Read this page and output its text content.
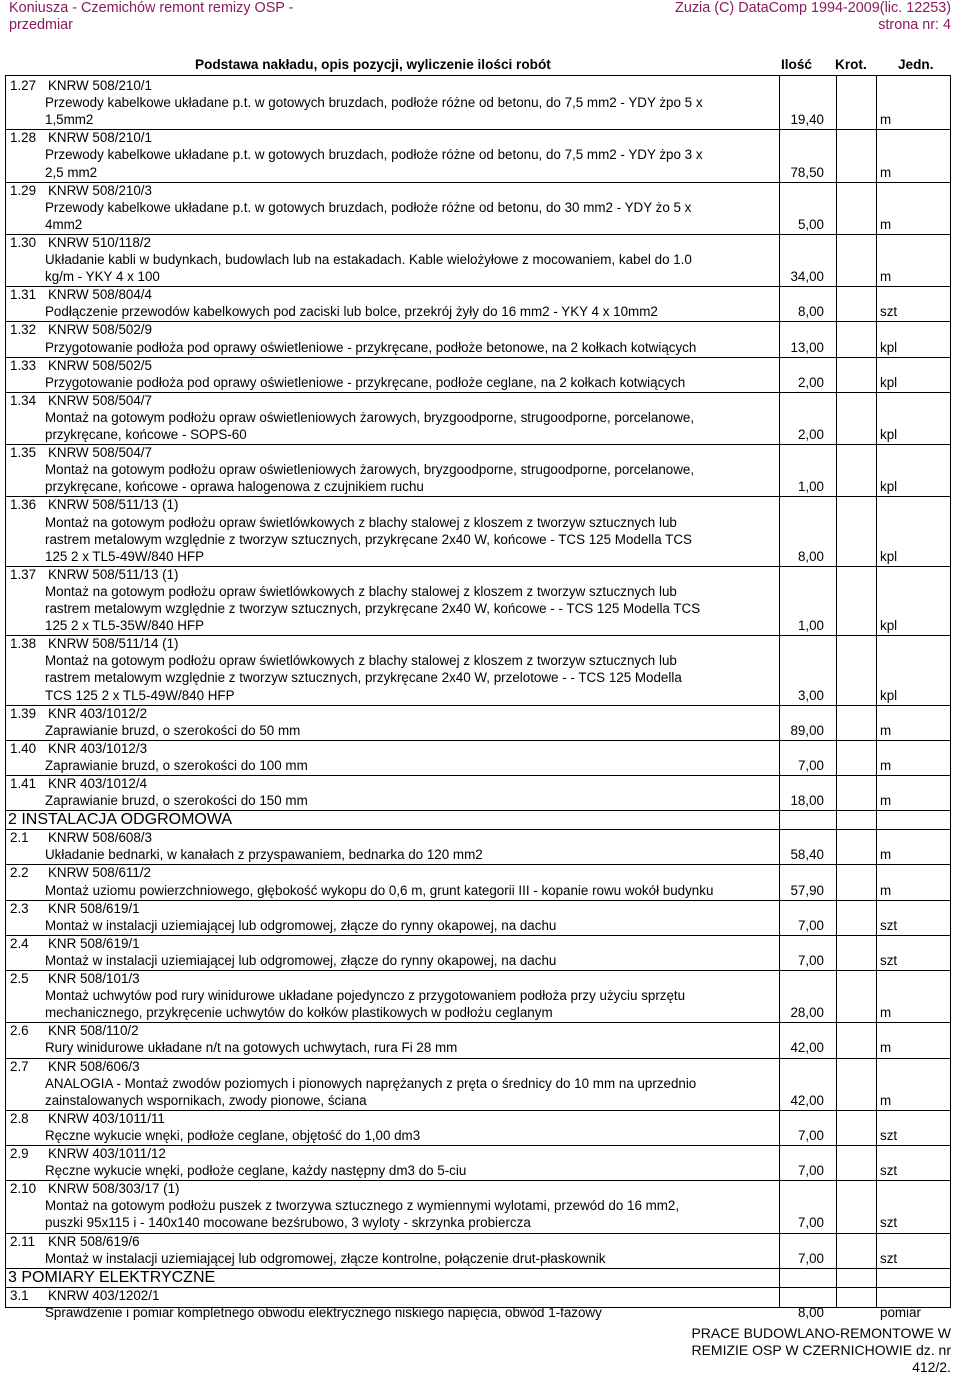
Koniusza - Czemichów remont remizy OSP -
przedmiar
Zuzia (C) DataComp 1994-2009(lic. 12253)
strona nr: 4
Podstawa nakładu, opis pozycji, wyliczenie ilości robót	Ilość Krot. Jedn.
1.27 KNRW 508/210/1
Przewody kabelkowe układane p.t. w gotowych bruzdach, podłoże różne od betonu, do 7,5 mm2 - YDY żpo 5 x
1,5mm2	19,40	m
1.28 KNRW 508/210/1
Przewody kabelkowe układane p.t. w gotowych bruzdach, podłoże różne od betonu, do 7,5 mm2 - YDY żpo 3 x
2,5 mm2	78,50	m
1.29 KNRW 508/210/3
Przewody kabelkowe układane p.t. w gotowych bruzdach, podłoże różne od betonu, do 30 mm2 - YDY żo 5 x
4mm2	5,00	m
1.30 KNRW 510/118/2
Układanie kabli w budynkach, budowlach lub na estakadach. Kable wielożyłowe z mocowaniem, kabel do 1.0
kg/m - YKY 4 x 100	34,00	m
1.31 KNRW 508/804/4
Podłączenie przewodów kabelkowych pod zaciski lub bolce, przekrój żyły do 16 mm2 - YKY 4 x 10mm2	8,00	szt
1.32 KNRW 508/502/9
Przygotowanie podłoża pod oprawy oświetleniowe - przykręcane, podłoże betonowe, na 2 kołkach kotwiących	13,00	kpl
1.33 KNRW 508/502/5
Przygotowanie podłoża pod oprawy oświetleniowe - przykręcane, podłoże ceglane, na 2 kołkach kotwiących	2,00	kpl
1.34 KNRW 508/504/7
Montaż na gotowym podłożu opraw oświetleniowych żarowych, bryzgoodporne, strugoodporne, porcelanowe,
przykręcane, końcowe - SOPS-60	2,00	kpl
1.35 KNRW 508/504/7
Montaż na gotowym podłożu opraw oświetleniowych żarowych, bryzgoodporne, strugoodporne, porcelanowe,
przykręcane, końcowe - oprawa halogenowa z czujnikiem ruchu	1,00	kpl
1.36 KNRW 508/511/13 (1)
Montaż na gotowym podłożu opraw świetlówkowych z blachy stalowej z kloszem z tworzyw sztucznych lub
rastrem metalowym względnie z tworzyw sztucznych, przykręcane 2x40 W, końcowe - TCS 125 Modella TCS
125 2 x TL5-49W/840 HFP	8,00	kpl
1.37 KNRW 508/511/13 (1)
Montaż na gotowym podłożu opraw świetlówkowych z blachy stalowej z kloszem z tworzyw sztucznych lub
rastrem metalowym względnie z tworzyw sztucznych, przykręcane 2x40 W, końcowe - - TCS 125 Modella TCS
125 2 x TL5-35W/840 HFP	1,00	kpl
1.38 KNRW 508/511/14 (1)
Montaż na gotowym podłożu opraw świetlówkowych z blachy stalowej z kloszem z tworzyw sztucznych lub
rastrem metalowym względnie z tworzyw sztucznych, przykręcane 2x40 W, przelotowe - - TCS 125 Modella
TCS 125 2 x TL5-49W/840 HFP	3,00	kpl
1.39 KNR 403/1012/2
Zaprawianie bruzd, o szerokości do 50 mm	89,00	m
1.40 KNR 403/1012/3
Zaprawianie bruzd, o szerokości do 100 mm	7,00	m
1.41 KNR 403/1012/4
Zaprawianie bruzd, o szerokości do 150 mm	18,00	m
2 INSTALACJA ODGROMOWA
2.1 KNRW 508/608/3
Układanie bednarki, w kanałach z przyspawaniem, bednarka do 120 mm2	58,40	m
2.2 KNRW 508/611/2
Montaż uziomu powierzchniowego, głębokość wykopu do 0,6 m, grunt kategorii III - kopanie rowu wokół budynku	57,90	m
2.3 KNR 508/619/1
Montaż w instalacji uziemiającej lub odgromowej, złącze do rynny okapowej, na dachu	7,00	szt
2.4 KNR 508/619/1
Montaż w instalacji uziemiającej lub odgromowej, złącze do rynny okapowej, na dachu	7,00	szt
2.5 KNR 508/101/3
Montaż uchwytów pod rury winidurowe układane pojedynczo z przygotowaniem podłoża przy użyciu sprzętu
mechanicznego, przykręcenie uchwytów do kołków plastikowych w podłożu ceglanym	28,00	m
2.6 KNR 508/110/2
Rury winidurowe układane n/t na gotowych uchwytach, rura Fi 28 mm	42,00	m
2.7 KNR 508/606/3
ANALOGIA - Montaż zwodów poziomych i pionowych naprężanych z pręta o średnicy do 10 mm na uprzednio
zainstalowanych wspornikach, zwody pionowe, ściana	42,00	m
2.8 KNRW 403/1011/11
Ręczne wykucie wnęki, podłoże ceglane, objętość do 1,00 dm3	7,00	szt
2.9 KNRW 403/1011/12
Ręczne wykucie wnęki, podłoże ceglane, każdy następny dm3 do 5-ciu	7,00	szt
2.10 KNRW 508/303/17 (1)
Montaż na gotowym podłożu puszek z tworzywa sztucznego z wymiennymi wylotami, przewód do 16 mm2,
puszki 95x115 i - 140x140 mocowane bezśrubowo, 3 wyloty - skrzynka probiercza	7,00	szt
2.11 KNR 508/619/6
Montaż w instalacji uziemiającej lub odgromowej, złącze kontrolne, połączenie drut-płaskownik	7,00	szt
3 POMIARY ELEKTRYCZNE
3.1 KNRW 403/1202/1
Sprawdzenie i pomiar kompletnego obwodu elektrycznego niskiego napięcia, obwód 1-fazowy	8,00	pomiar
PRACE BUDOWLANO-REMONTOWE W
REMIZIE OSP W CZERNICHOWIE dz. nr
412/2.
